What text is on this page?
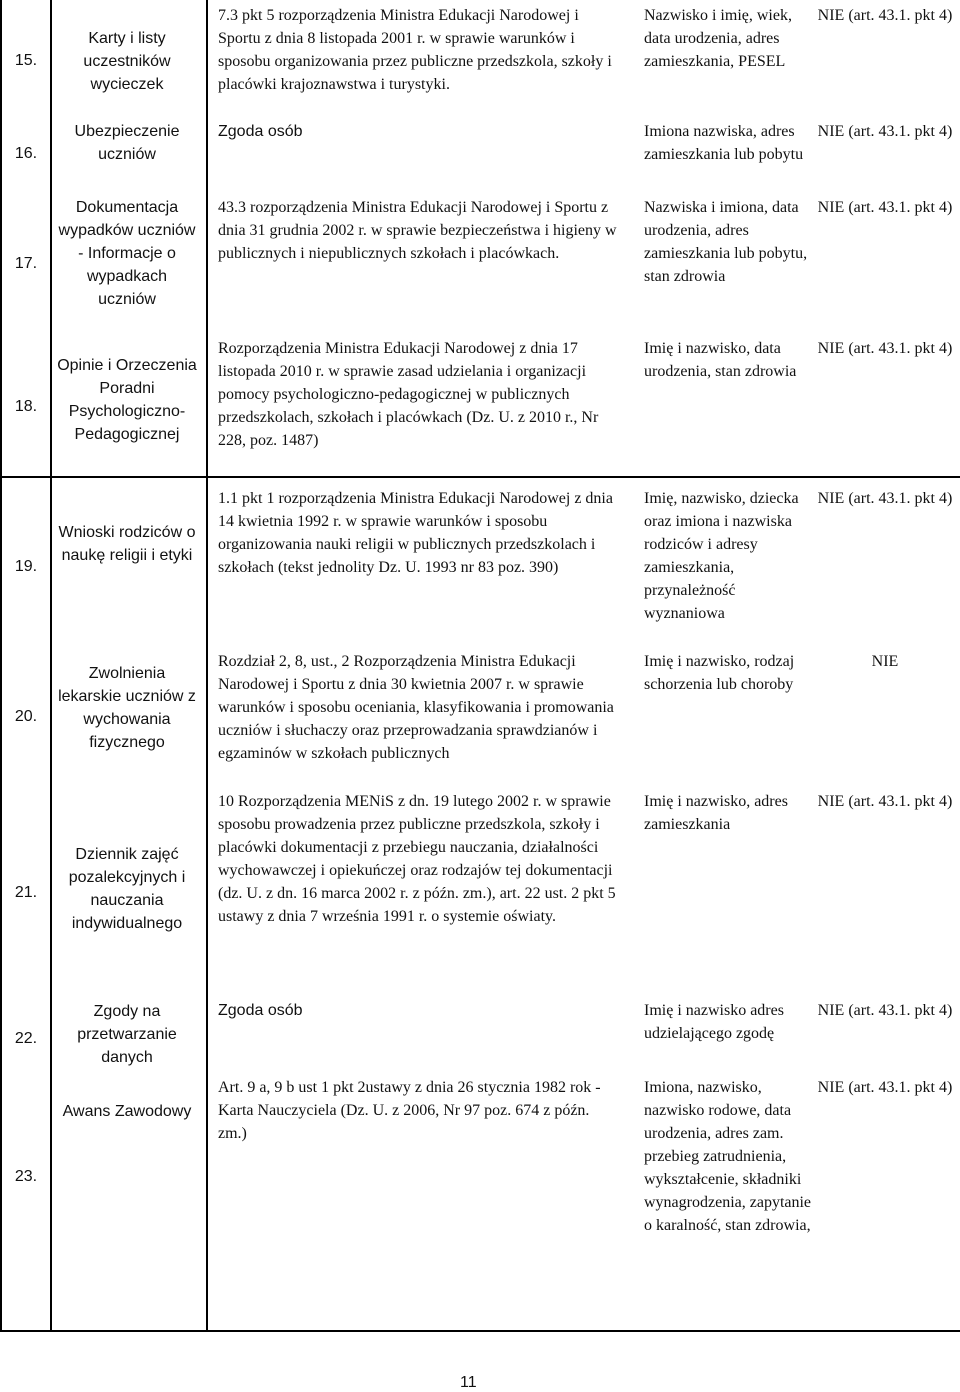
15.
Karty i listy uczestników wycieczek
7.3 pkt 5 rozporządzenia Ministra Edukacji Narodowej i Sportu z dnia 8 listopada 2001 r. w sprawie warunków i sposobu organizowania przez publiczne przedszkola, szkoły i placówki krajoznawstwa i turystyki.
Nazwisko i imię, wiek, data urodzenia, adres zamieszkania, PESEL
NIE (art. 43.1. pkt 4)
16.
Ubezpieczenie uczniów
Zgoda osób	Imiona nazwiska, adres zamieszkania lub pobytu
NIE (art. 43.1. pkt 4)
17.
Dokumentacja wypadków uczniów - Informacje o wypadkach uczniów
43.3 rozporządzenia Ministra Edukacji Narodowej i Sportu z dnia 31 grudnia 2002 r. w sprawie bezpieczeństwa i higieny w publicznych i niepublicznych szkołach i placówkach.
Nazwiska i imiona, data urodzenia, adres zamieszkania lub pobytu, stan zdrowia
NIE (art. 43.1. pkt 4)
18.
Opinie i Orzeczenia Poradni Psychologiczno-Pedagogicznej
Rozporządzenia Ministra Edukacji Narodowej z dnia 17 listopada 2010 r. w sprawie zasad udzielania i organizacji pomocy psychologiczno-pedagogicznej w publicznych przedszkolach, szkołach i placówkach (Dz. U. z 2010 r., Nr 228, poz. 1487)
Imię i nazwisko, data urodzenia, stan zdrowia
NIE (art. 43.1. pkt 4)
19.
Wnioski rodziców o naukę religii i etyki
1.1 pkt 1 rozporządzenia Ministra Edukacji Narodowej z dnia 14 kwietnia 1992 r. w sprawie warunków i sposobu organizowania nauki religii w publicznych przedszkolach i szkołach (tekst jednolity Dz. U. 1993 nr 83 poz. 390)
Imię, nazwisko, dziecka oraz imiona i nazwiska rodziców i adresy zamieszkania, przynależność wyznaniowa
NIE (art. 43.1. pkt 4)
20.
Zwolnienia lekarskie uczniów z wychowania fizycznego
Rozdział 2, 8, ust., 2 Rozporządzenia Ministra Edukacji Narodowej i Sportu z dnia 30 kwietnia 2007 r. w sprawie warunków i sposobu oceniania, klasyfikowania i promowania uczniów i słuchaczy oraz przeprowadzania sprawdzianów i egzaminów w szkołach publicznych
Imię i nazwisko, rodzaj schorzenia lub choroby
NIE
21.
Dziennik zajęć pozalekcyjnych i nauczania indywidualnego
10 Rozporządzenia MENiS z dn. 19 lutego 2002 r. w sprawie sposobu prowadzenia przez publiczne przedszkola, szkoły i placówki dokumentacji z przebiegu nauczania, działalności wychowawczej i opiekuńczej oraz rodzajów tej dokumentacji (dz. U. z dn. 16 marca 2002 r. z późn. zm.), art. 22 ust. 2 pkt 5 ustawy z dnia 7 września 1991 r. o systemie oświaty.
Imię i nazwisko, adres zamieszkania
NIE (art. 43.1. pkt 4)
22.
Zgody na przetwarzanie danych
Zgoda osób	Imię i nazwisko adres udzielającego zgodę
NIE (art. 43.1. pkt 4)
23.
Awans Zawodowy
Art. 9 a, 9 b ust 1 pkt 2ustawy z dnia 26 stycznia 1982 rok -Karta Nauczyciela (Dz. U. z 2006, Nr 97 poz. 674 z późn. zm.)
Imiona, nazwisko, nazwisko rodowe, data urodzenia, adres zam. przebieg zatrudnienia, wykształcenie, składniki wynagrodzenia, zapytanie o karalność, stan zdrowia,
NIE (art. 43.1. pkt 4)
11
